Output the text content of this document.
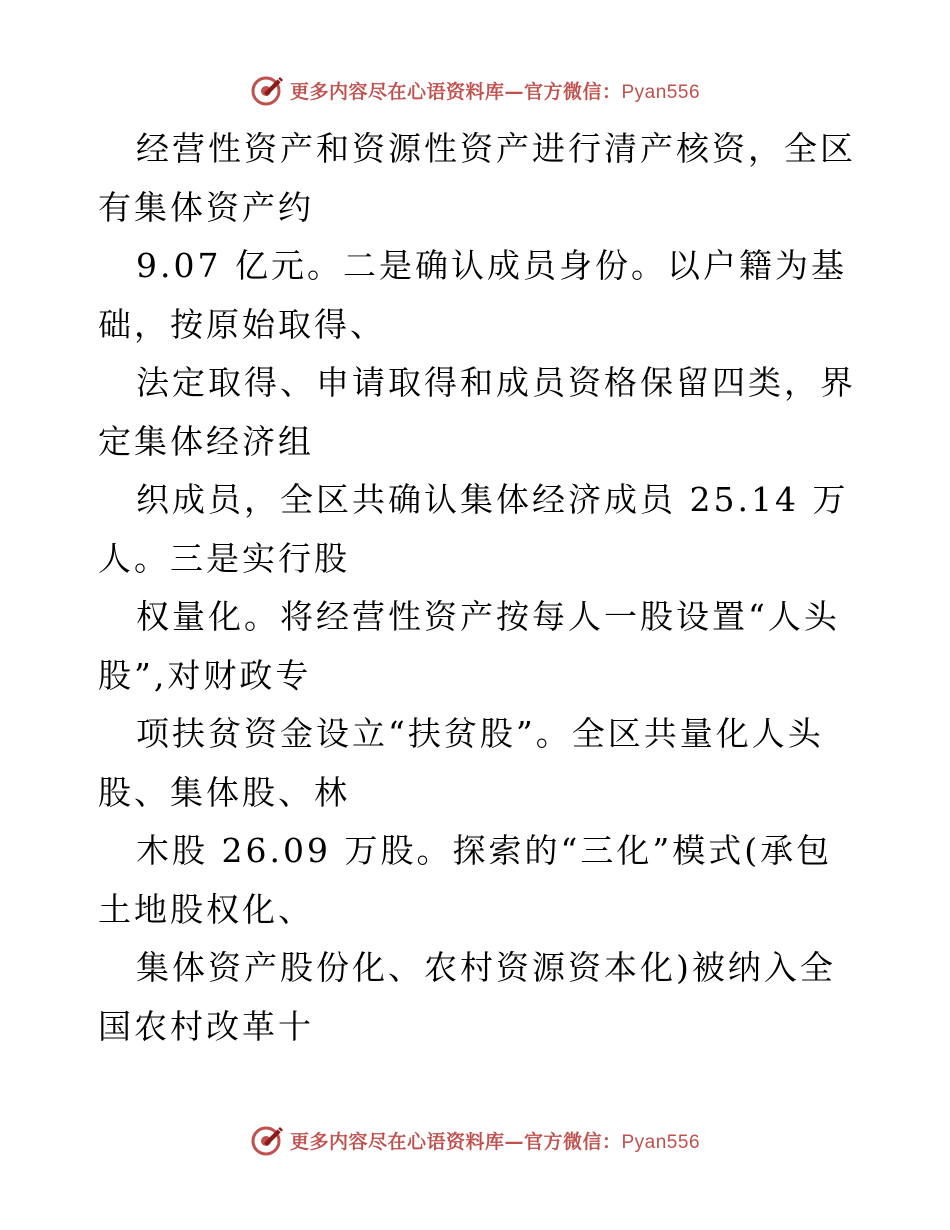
更多内容尽在心语资料库—官方微信：Pyan556

经营性资产和资源性资产进行清产核资，全区有集体资产约

9.07 亿元。二是确认成员身份。以户籍为基础，按原始取得、

法定取得、申请取得和成员资格保留四类，界定集体经济组

织成员，全区共确认集体经济成员 25.14 万人。三是实行股

权量化。将经营性资产按每人一股设置“人头股”,对财政专

项扶贫资金设立“扶贫股”。全区共量化人头股、集体股、林

木股 26.09 万股。探索的“三化”模式(承包土地股权化、

集体资产股份化、农村资源资本化)被纳入全国农村改革十

更多内容尽在心语资料库—官方微信：Pyan556
